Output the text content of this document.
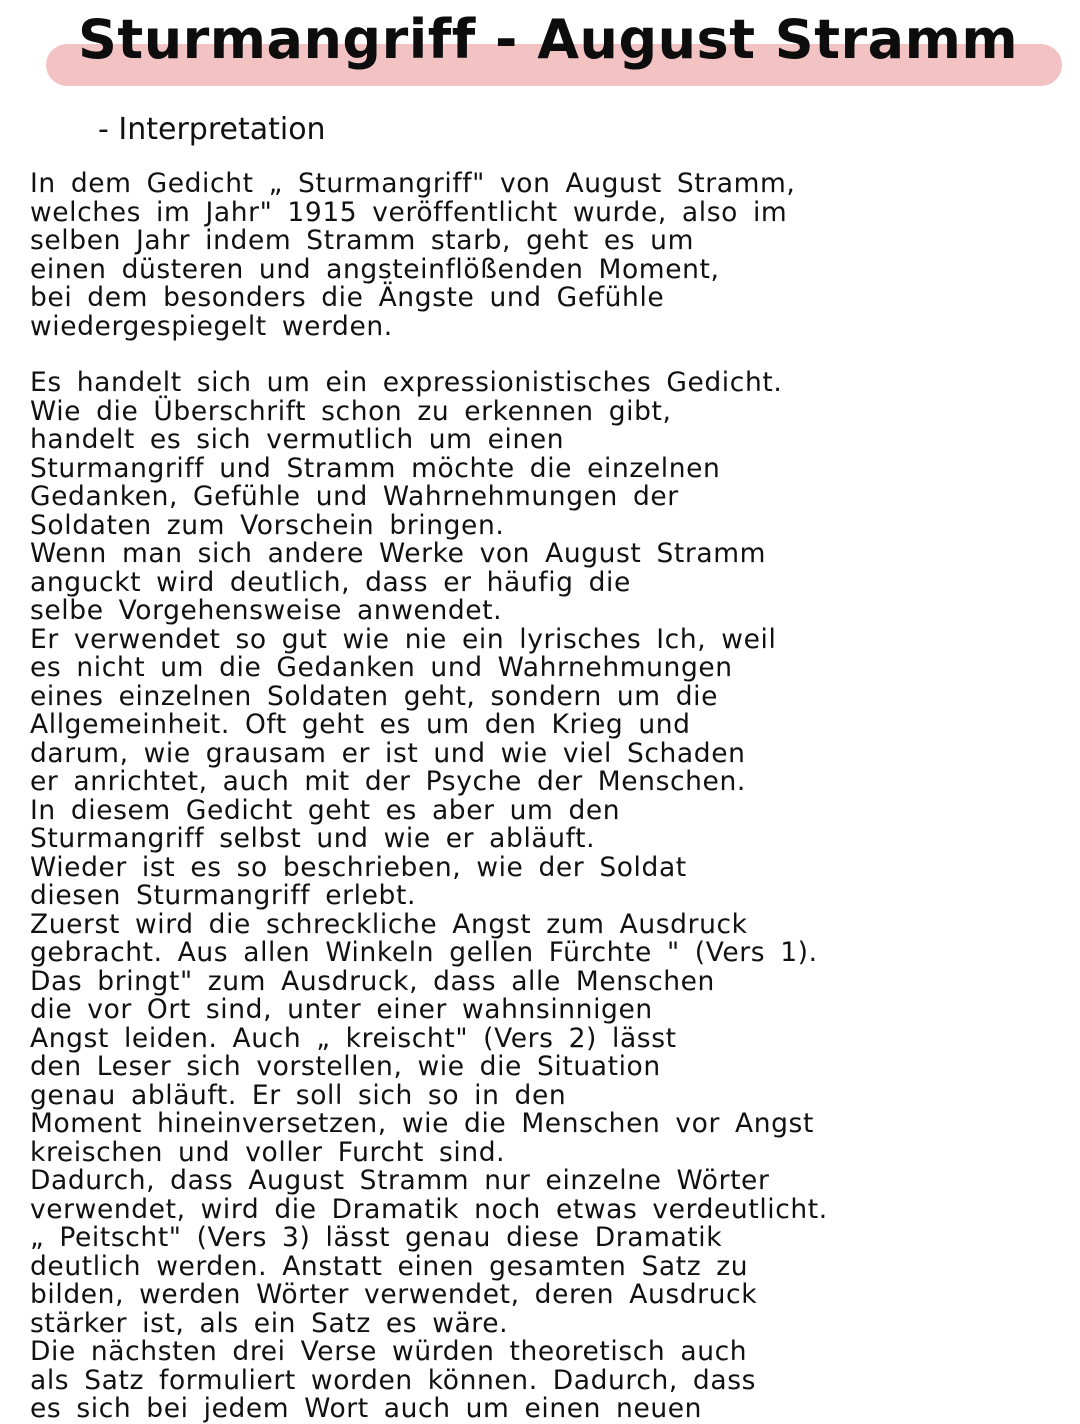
Sturmangriff - August Stramm
- Interpretation
In dem Gedicht „ Sturmangriff" von August Stramm,
welches im Jahr" 1915 veröffentlicht wurde, also im
selben Jahr indem Stramm starb, geht es um
einen düsteren und angsteinflößenden Moment,
bei dem besonders die Ängste und Gefühle
wiedergespiegelt werden.
Es handelt sich um ein expressionistisches Gedicht.
Wie die Überschrift schon zu erkennen gibt,
handelt es sich vermutlich um einen
Sturmangriff und Stramm möchte die einzelnen
Gedanken, Gefühle und Wahrnehmungen der
Soldaten zum Vorschein bringen.
Wenn man sich andere Werke von August Stramm
anguckt wird deutlich, dass er häufig die
selbe Vorgehensweise anwendet.
Er verwendet so gut wie nie ein lyrisches Ich, weil
es nicht um die Gedanken und Wahrnehmungen
eines einzelnen Soldaten geht, sondern um die
Allgemeinheit. Oft geht es um den Krieg und
darum, wie grausam er ist und wie viel Schaden
er anrichtet, auch mit der Psyche der Menschen.
In diesem Gedicht geht es aber um den
Sturmangriff selbst und wie er abläuft.
Wieder ist es so beschrieben, wie der Soldat
diesen Sturmangriff erlebt.
Zuerst wird die schreckliche Angst zum Ausdruck
gebracht. Aus allen Winkeln gellen Fürchte " (Vers 1).
Das bringt" zum Ausdruck, dass alle Menschen
die vor Ort sind, unter einer wahnsinnigen
Angst leiden. Auch „ kreischt" (Vers 2) lässt
den Leser sich vorstellen, wie die Situation
genau abläuft. Er soll sich so in den
Moment hineinversetzen, wie die Menschen vor Angst
kreischen und voller Furcht sind.
Dadurch, dass August Stramm nur einzelne Wörter
verwendet, wird die Dramatik noch etwas verdeutlicht.
„ Peitscht" (Vers 3) lässt genau diese Dramatik
deutlich werden. Anstatt einen gesamten Satz zu
bilden, werden Wörter verwendet, deren Ausdruck
stärker ist, als ein Satz es wäre.
Die nächsten drei Verse würden theoretisch auch
als Satz formuliert worden können. Dadurch, dass
es sich bei jedem Wort auch um einen neuen
